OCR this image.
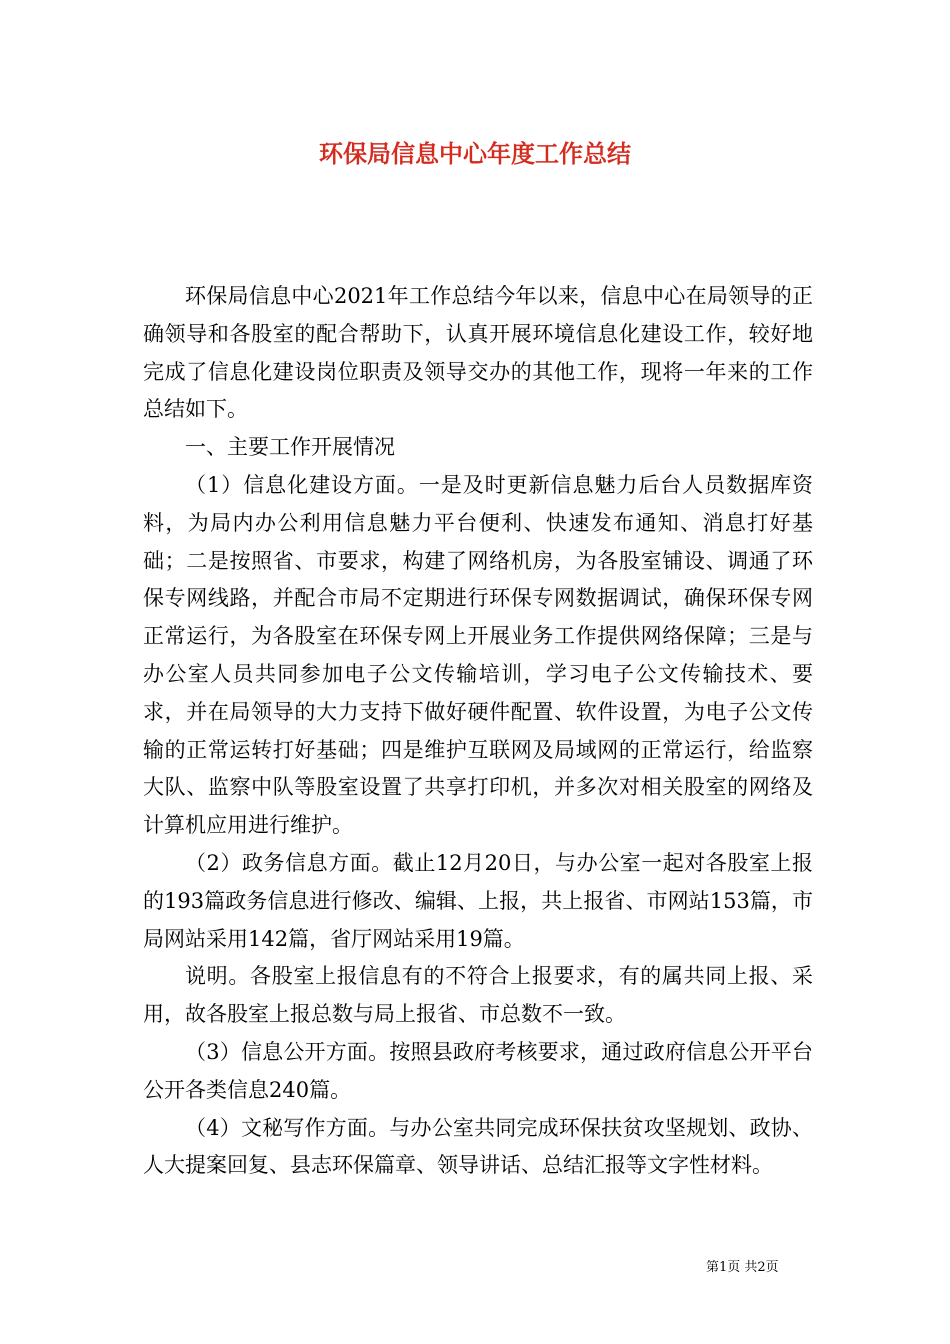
环保局信息中心年度工作总结

环保局信息中心2021年工作总结今年以来，信息中心在局领导的正确领导和各股室的配合帮助下，认真开展环境信息化建设工作，较好地完成了信息化建设岗位职责及领导交办的其他工作，现将一年来的工作总结如下。

一、主要工作开展情况

（1）信息化建设方面。一是及时更新信息魅力后台人员数据库资料，为局内办公利用信息魅力平台便利、快速发布通知、消息打好基础；二是按照省、市要求，构建了网络机房，为各股室铺设、调通了环保专网线路，并配合市局不定期进行环保专网数据调试，确保环保专网正常运行，为各股室在环保专网上开展业务工作提供网络保障；三是与办公室人员共同参加电子公文传输培训，学习电子公文传输技术、要求，并在局领导的大力支持下做好硬件配置、软件设置，为电子公文传输的正常运转打好基础；四是维护互联网及局域网的正常运行，给监察大队、监察中队等股室设置了共享打印机，并多次对相关股室的网络及计算机应用进行维护。

（2）政务信息方面。截止12月20日，与办公室一起对各股室上报的193篇政务信息进行修改、编辑、上报，共上报省、市网站153篇，市局网站采用142篇，省厅网站采用19篇。

说明。各股室上报信息有的不符合上报要求，有的属共同上报、采用，故各股室上报总数与局上报省、市总数不一致。

（3）信息公开方面。按照县政府考核要求，通过政府信息公开平台公开各类信息240篇。

（4）文秘写作方面。与办公室共同完成环保扶贫攻坚规划、政协、人大提案回复、县志环保篇章、领导讲话、总结汇报等文字性材料。

第1页 共2页
